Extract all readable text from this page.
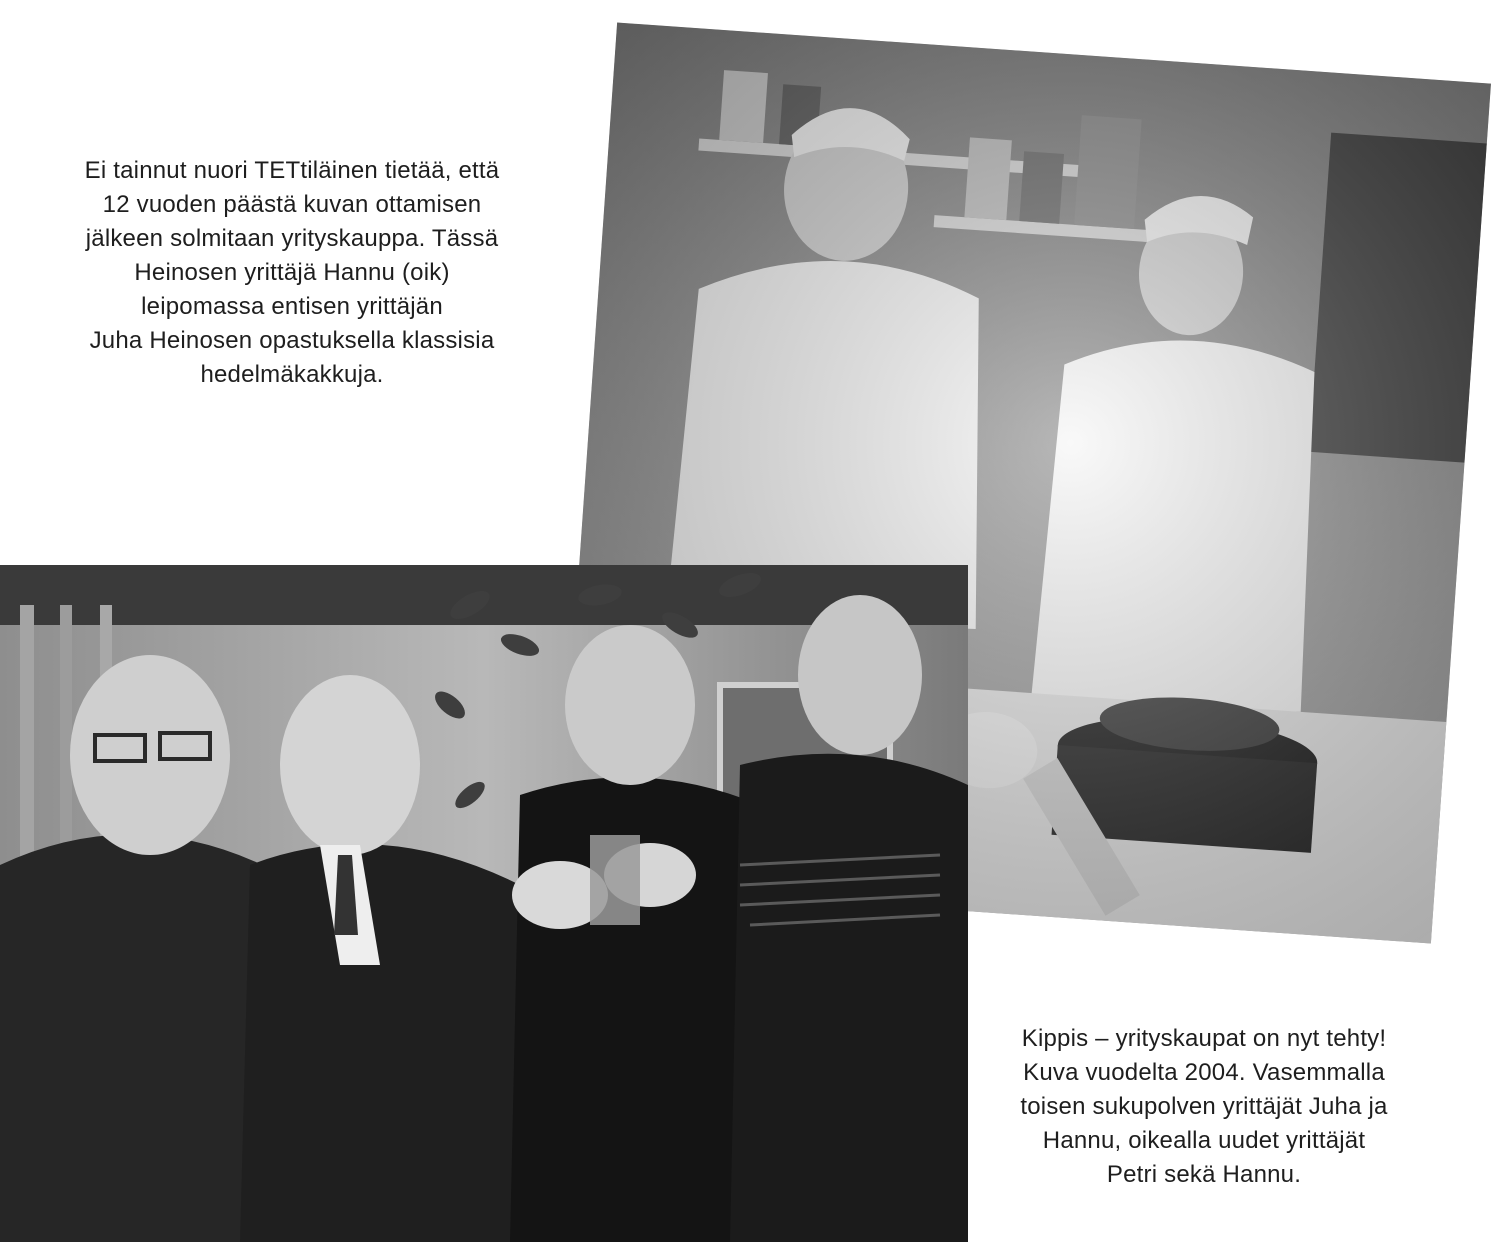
Ei tainnut nuori TETtiläinen tietää, että
12 vuoden päästä kuvan ottamisen
jälkeen solmitaan yrityskauppa. Tässä
Heinosen yrittäjä Hannu (oik)
leipomassa entisen yrittäjän
Juha Heinosen opastuksella klassisia
hedelmäkakkuja.

Kippis – yrityskaupat on nyt tehty!
Kuva vuodelta 2004. Vasemmalla
toisen sukupolven yrittäjät Juha ja
Hannu, oikealla uudet yrittäjät
Petri sekä Hannu.
